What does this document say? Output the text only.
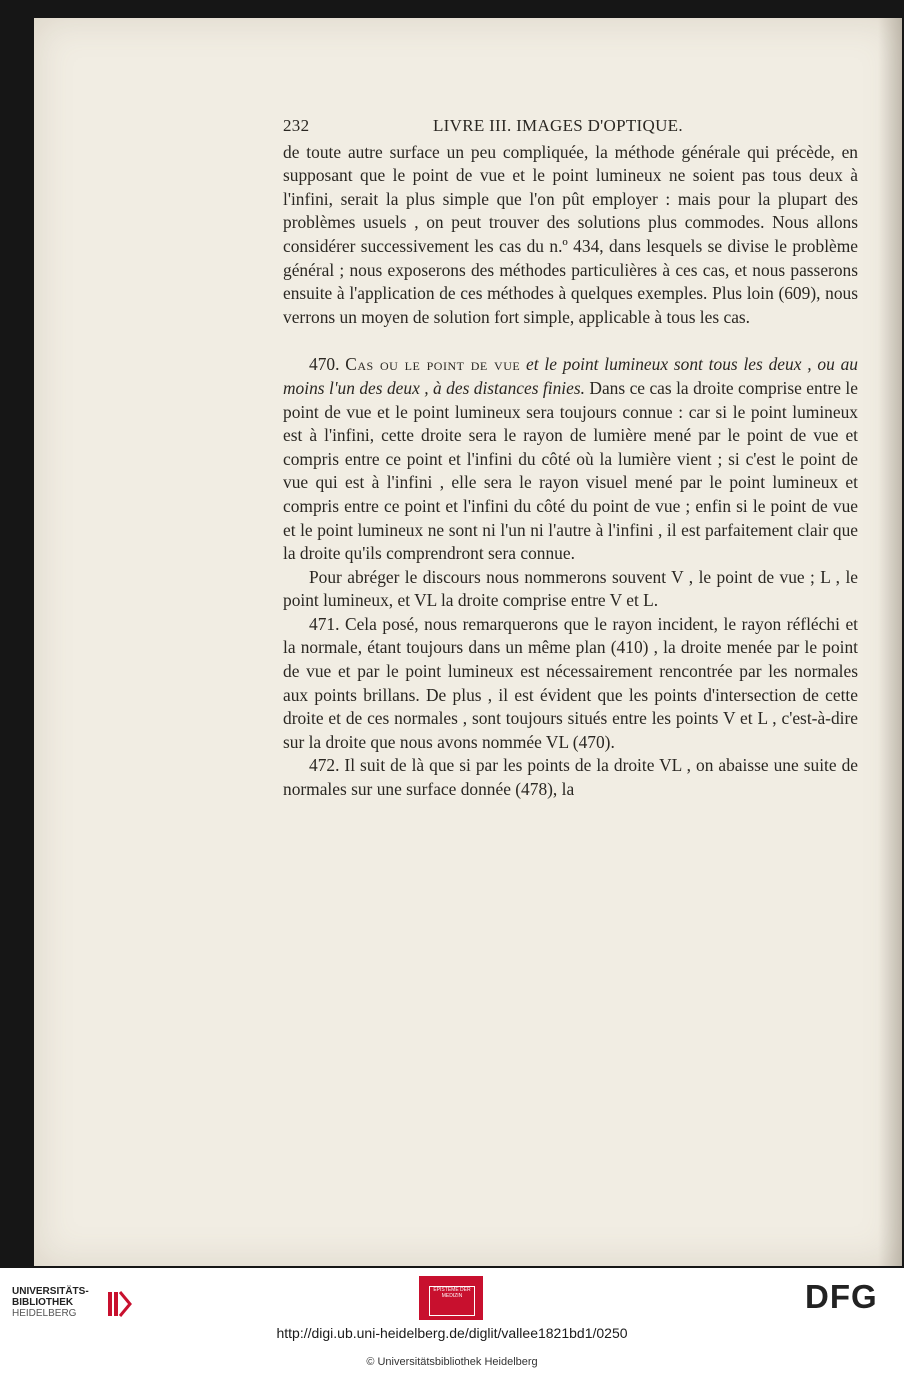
232	LIVRE III. IMAGES D'OPTIQUE.

de toute autre surface un peu compliquée, la méthode générale qui précède, en supposant que le point de vue et le point lumineux ne soient pas tous deux à l'infini, serait la plus simple que l'on pût employer : mais pour la plupart des problèmes usuels , on peut trouver des solutions plus commodes. Nous allons considérer successivement les cas du n.º 434, dans lesquels se divise le problème général ; nous exposerons des méthodes particulières à ces cas, et nous passerons ensuite à l'application de ces méthodes à quelques exemples. Plus loin (609), nous verrons un moyen de solution fort simple, applicable à tous les cas.

470. Cas ou le point de vue et le point lumineux sont tous les deux , ou au moins l'un des deux , à des distances finies. Dans ce cas la droite comprise entre le point de vue et le point lumineux sera toujours connue : car si le point lumineux est à l'infini, cette droite sera le rayon de lumière mené par le point de vue et compris entre ce point et l'infini du côté où la lumière vient ; si c'est le point de vue qui est à l'infini , elle sera le rayon visuel mené par le point lumineux et compris entre ce point et l'infini du côté du point de vue ; enfin si le point de vue et le point lumineux ne sont ni l'un ni l'autre à l'infini , il est parfaitement clair que la droite qu'ils comprendront sera connue.

Pour abréger le discours nous nommerons souvent V , le point de vue ; L , le point lumineux, et VL la droite comprise entre V et L.

471. Cela posé, nous remarquerons que le rayon incident, le rayon réfléchi et la normale, étant toujours dans un même plan (410) , la droite menée par le point de vue et par le point lumineux est nécessairement rencontrée par les normales aux points brillans. De plus , il est évident que les points d'intersection de cette droite et de ces normales , sont toujours situés entre les points V et L , c'est-à-dire sur la droite que nous avons nommée VL (470).

472. Il suit de là que si par les points de la droite VL , on abaisse une suite de normales sur une surface donnée (478), la

UNIVERSITÄTS-
BIBLIOTHEK
HEIDELBERG
EPISTEME DER MEDIZIN	DFG
http://digi.ub.uni-heidelberg.de/diglit/vallee1821bd1/0250
© Universitätsbibliothek Heidelberg
